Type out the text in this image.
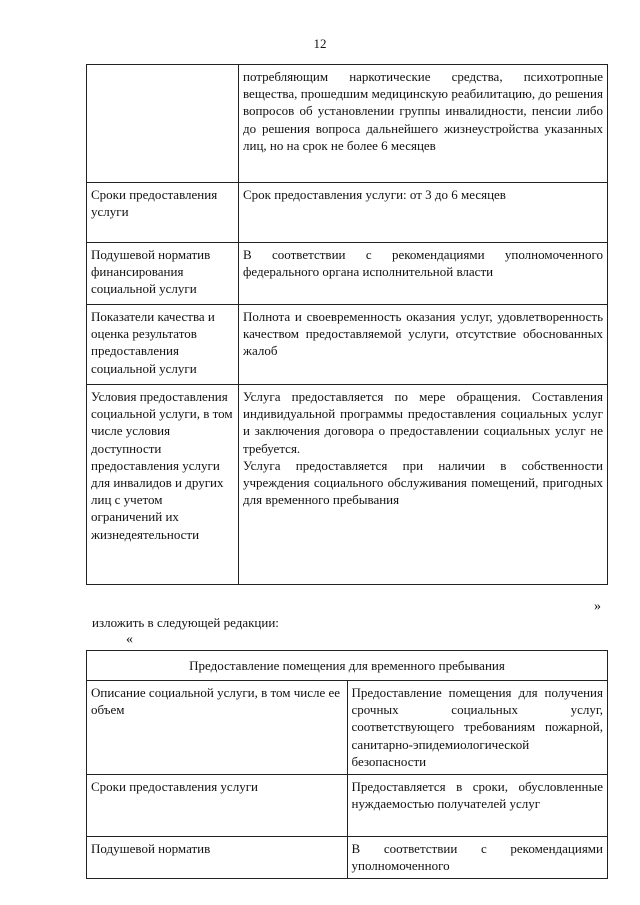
12

	потребляющим наркотические средства, психотропные вещества, прошедшим медицинскую реабилитацию, до решения вопросов об установлении группы инвалидности, пенсии либо до решения вопроса дальнейшего жизнеустройства указанных лиц, но на срок не более 6 месяцев

Сроки предоставления услуги	Срок предоставления услуги: от 3 до 6 месяцев

Подушевой норматив финансирования социальной услуги	В соответствии с рекомендациями уполномоченного федерального органа исполнительной власти

Показатели качества и оценка результатов предоставления социальной услуги	Полнота и своевременность оказания услуг, удовлетворенность качеством предоставляемой услуги, отсутствие обоснованных жалоб

Условия предоставления социальной услуги, в том числе условия доступности предоставления услуги для инвалидов и других лиц с учетом ограничений их жизнедеятельности	Услуга предоставляется по мере обращения. Составления индивидуальной программы предоставления социальных услуг и заключения договора о предоставлении социальных услуг не требуется.

Услуга предоставляется при наличии в собственности учреждения социального обслуживания помещений, пригодных для временного пребывания

»
изложить в следующей редакции:
«
Предоставление помещения для временного пребывания	
Описание социальной услуги, в том числе ее объем	Предоставление помещения для получения срочных социальных услуг, соответствующего требованиям пожарной, санитарно-эпидемиологической безопасности

Сроки предоставления услуги	Предоставляется в сроки, обусловленные нуждаемостью получателей услуг

Подушевой норматив	В соответствии с рекомендациями уполномоченного
